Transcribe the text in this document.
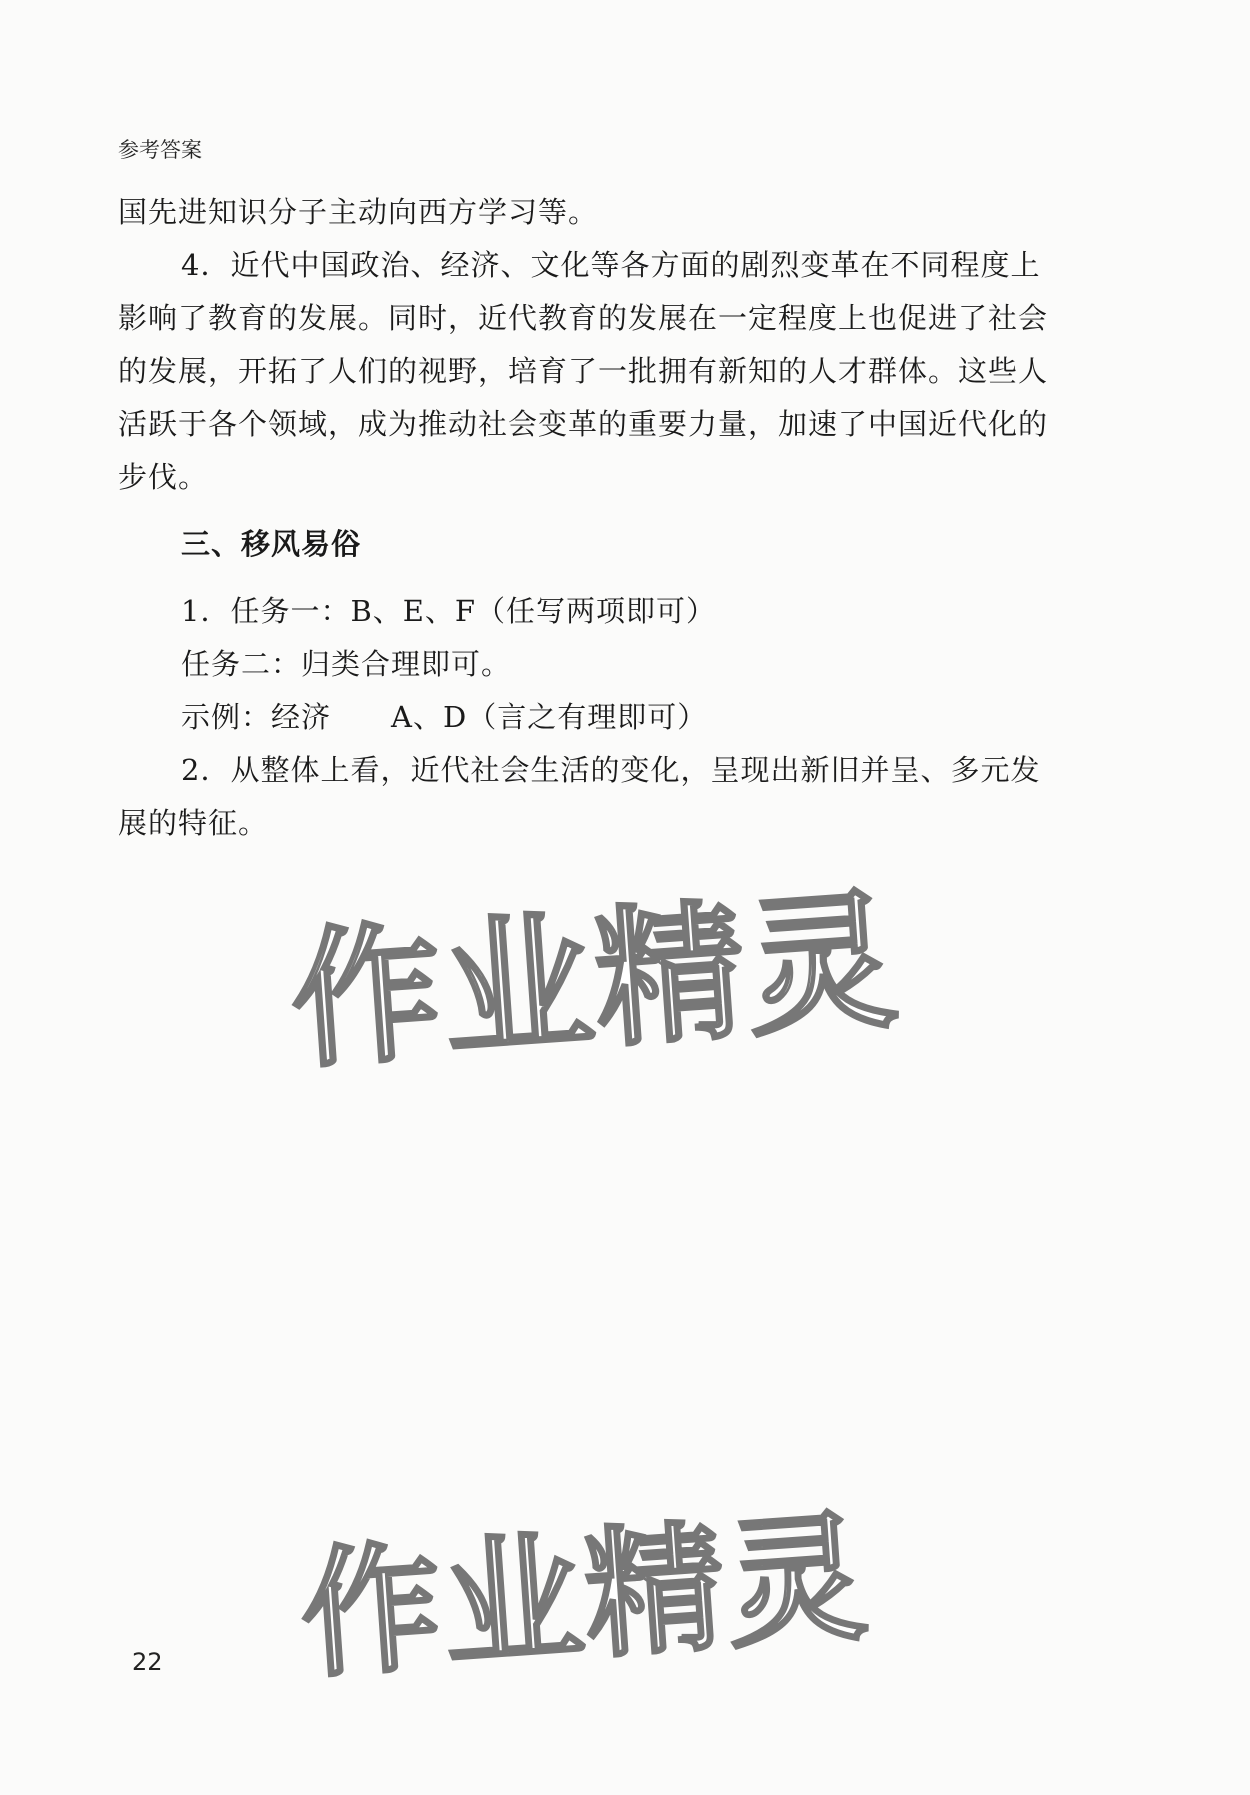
参考答案
国先进知识分子主动向西方学习等。
4．近代中国政治、经济、文化等各方面的剧烈变革在不同程度上
影响了教育的发展。同时，近代教育的发展在一定程度上也促进了社会
的发展，开拓了人们的视野，培育了一批拥有新知的人才群体。这些人
活跃于各个领域，成为推动社会变革的重要力量，加速了中国近代化的
步伐。
三、移风易俗
1．任务一：B、E、F（任写两项即可）
任务二：归类合理即可。
示例：经济　　A、D（言之有理即可）
2．从整体上看，近代社会生活的变化，呈现出新旧并呈、多元发
展的特征。
作业精灵
作业精灵
22
